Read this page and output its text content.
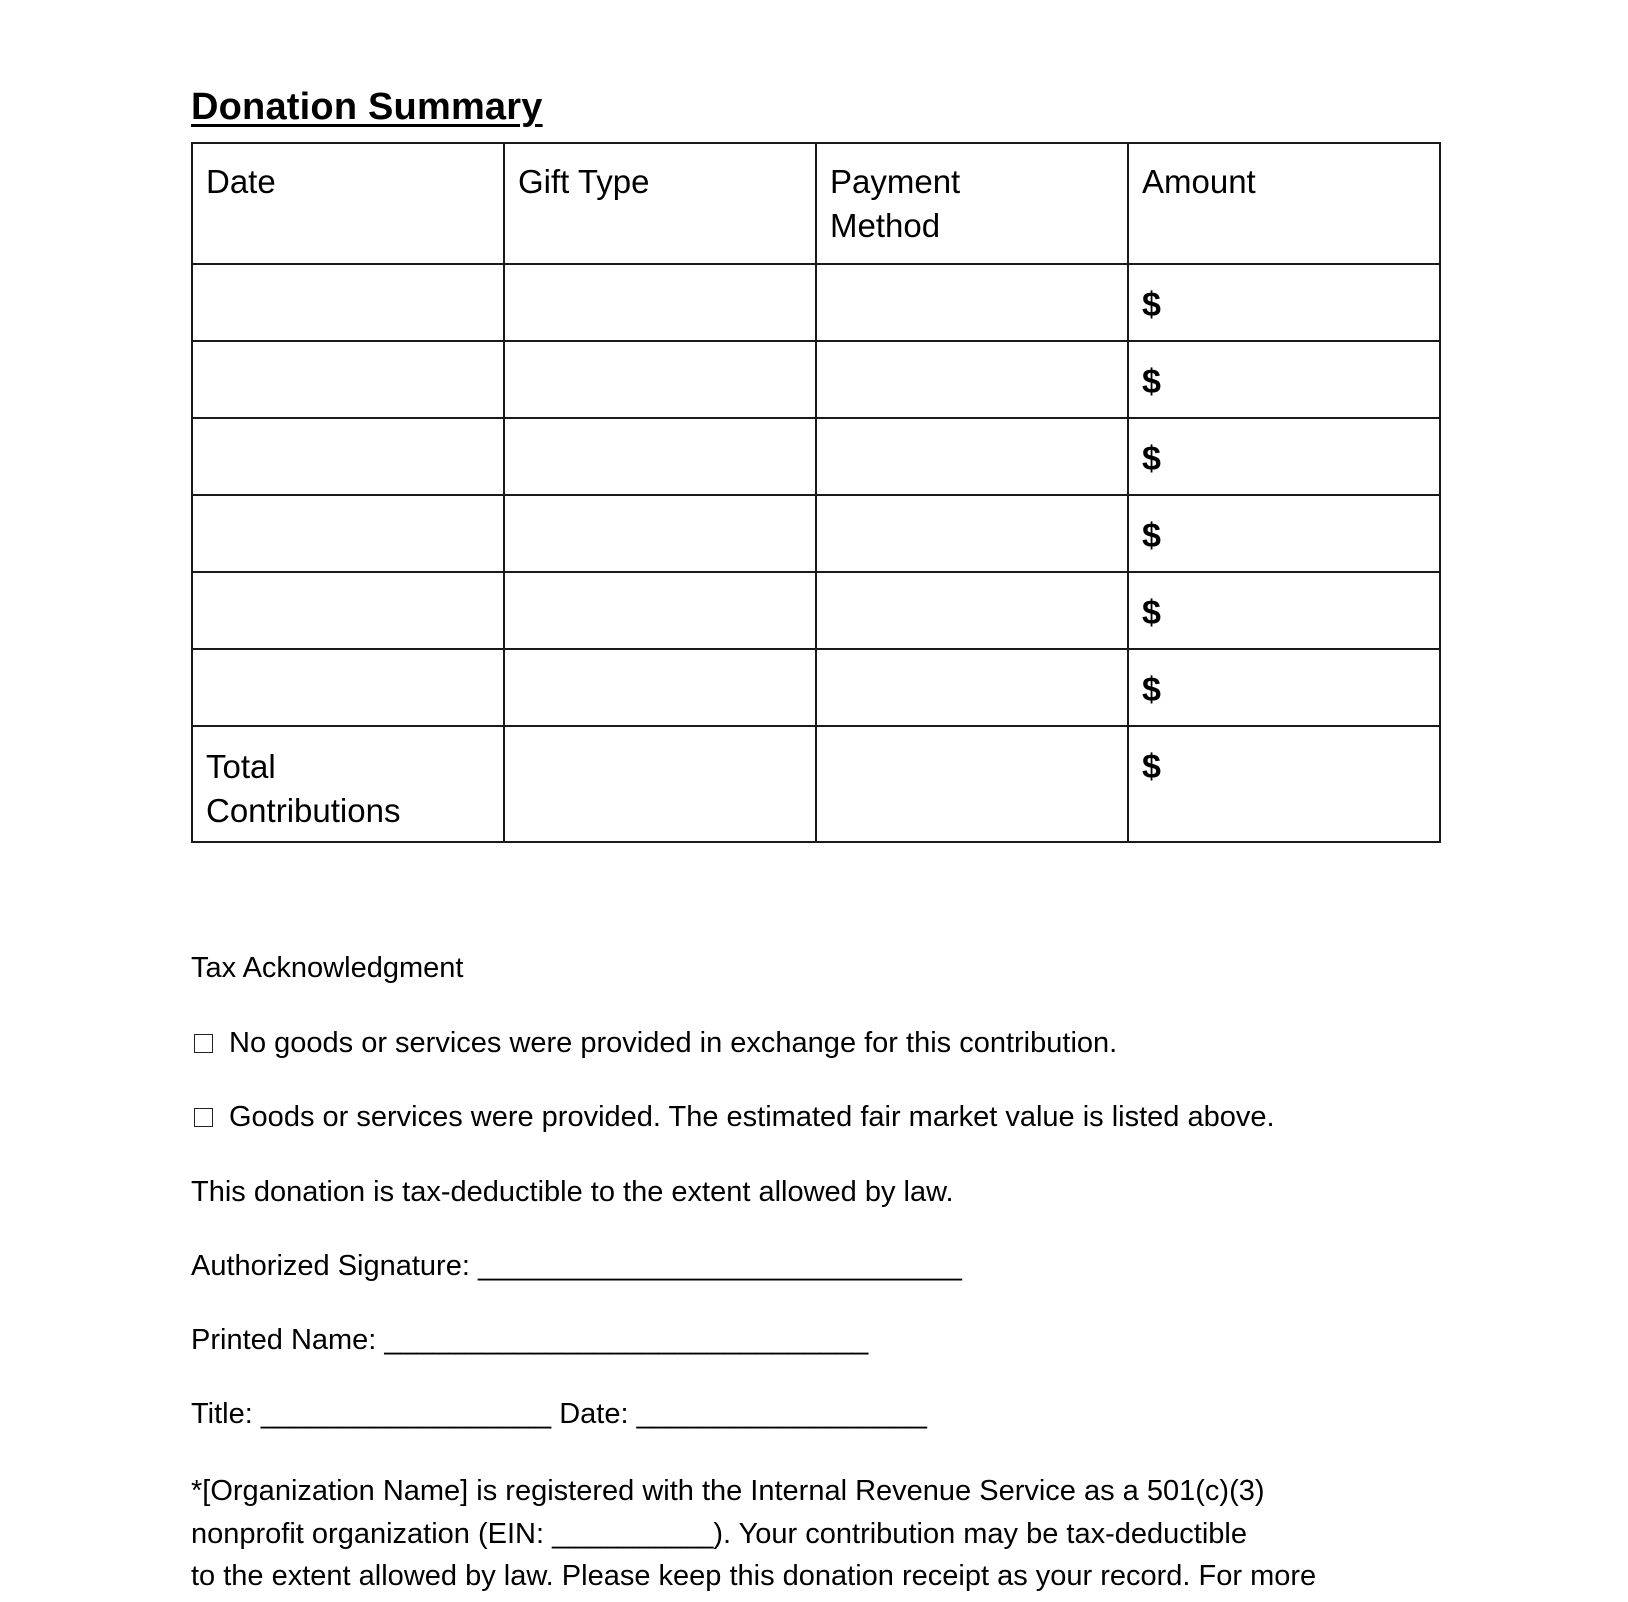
Donation Summary
Date	Gift Type	Payment Method	Amount
			$
			$
			$
			$
			$
			$
Total Contributions			$

Tax Acknowledgment

No goods or services were provided in exchange for this contribution.

Goods or services were provided. The estimated fair market value is listed above.

This donation is tax-deductible to the extent allowed by law.

Authorized Signature: ______________________________

Printed Name: ______________________________

Title: __________________ Date: __________________

*[Organization Name] is registered with the Internal Revenue Service as a 501(c)(3)
nonprofit organization (EIN: __________). Your contribution may be tax-deductible
to the extent allowed by law. Please keep this donation receipt as your record. For more
